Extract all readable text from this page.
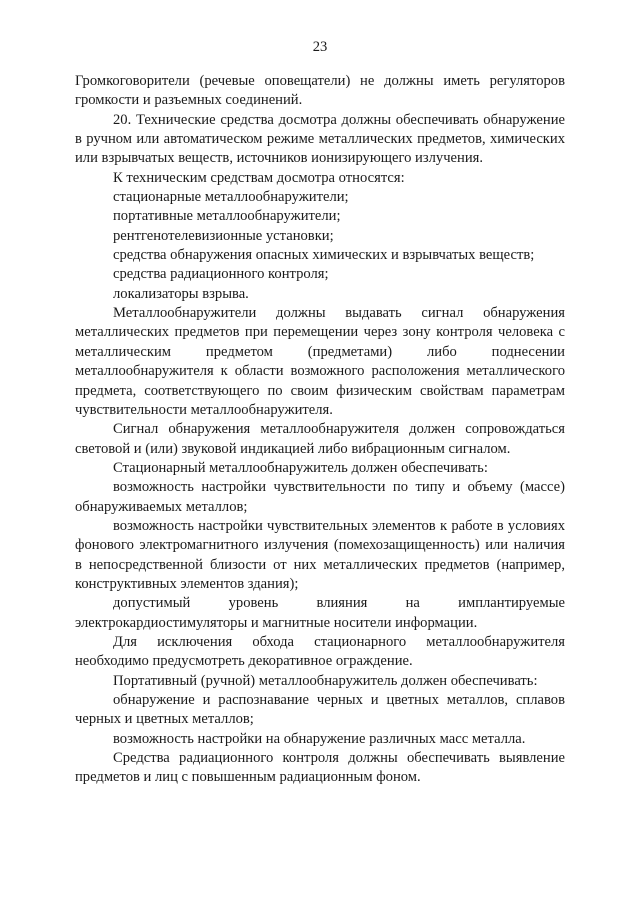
23

Громкоговорители (речевые оповещатели) не должны иметь регуляторов громкости и разъемных соединений.

20. Технические средства досмотра должны обеспечивать обнаружение в ручном или автоматическом режиме металлических предметов, химических или взрывчатых веществ, источников ионизирующего излучения.

К техническим средствам досмотра относятся:

стационарные металлообнаружители;

портативные металлообнаружители;

рентгенотелевизионные установки;

средства обнаружения опасных химических и взрывчатых веществ;

средства радиационного контроля;

локализаторы взрыва.

Металлообнаружители должны выдавать сигнал обнаружения металлических предметов при перемещении через зону контроля человека с металлическим предметом (предметами) либо поднесении металлообнаружителя к области возможного расположения металлического предмета, соответствующего по своим физическим свойствам параметрам чувствительности металлообнаружителя.

Сигнал обнаружения металлообнаружителя должен сопровождаться световой и (или) звуковой индикацией либо вибрационным сигналом.

Стационарный металлообнаружитель должен обеспечивать:

возможность настройки чувствительности по типу и объему (массе) обнаруживаемых металлов;

возможность настройки чувствительных элементов к работе в условиях фонового электромагнитного излучения (помехозащищенность) или наличия в непосредственной близости от них металлических предметов (например, конструктивных элементов здания);

допустимый уровень влияния на имплантируемые электрокардиостимуляторы и магнитные носители информации.

Для исключения обхода стационарного металлообнаружителя необходимо предусмотреть декоративное ограждение.

Портативный (ручной) металлообнаружитель должен обеспечивать:

обнаружение и распознавание черных и цветных металлов, сплавов черных и цветных металлов;

возможность настройки на обнаружение различных масс металла.

Средства радиационного контроля должны обеспечивать выявление предметов и лиц с повышенным радиационным фоном.
